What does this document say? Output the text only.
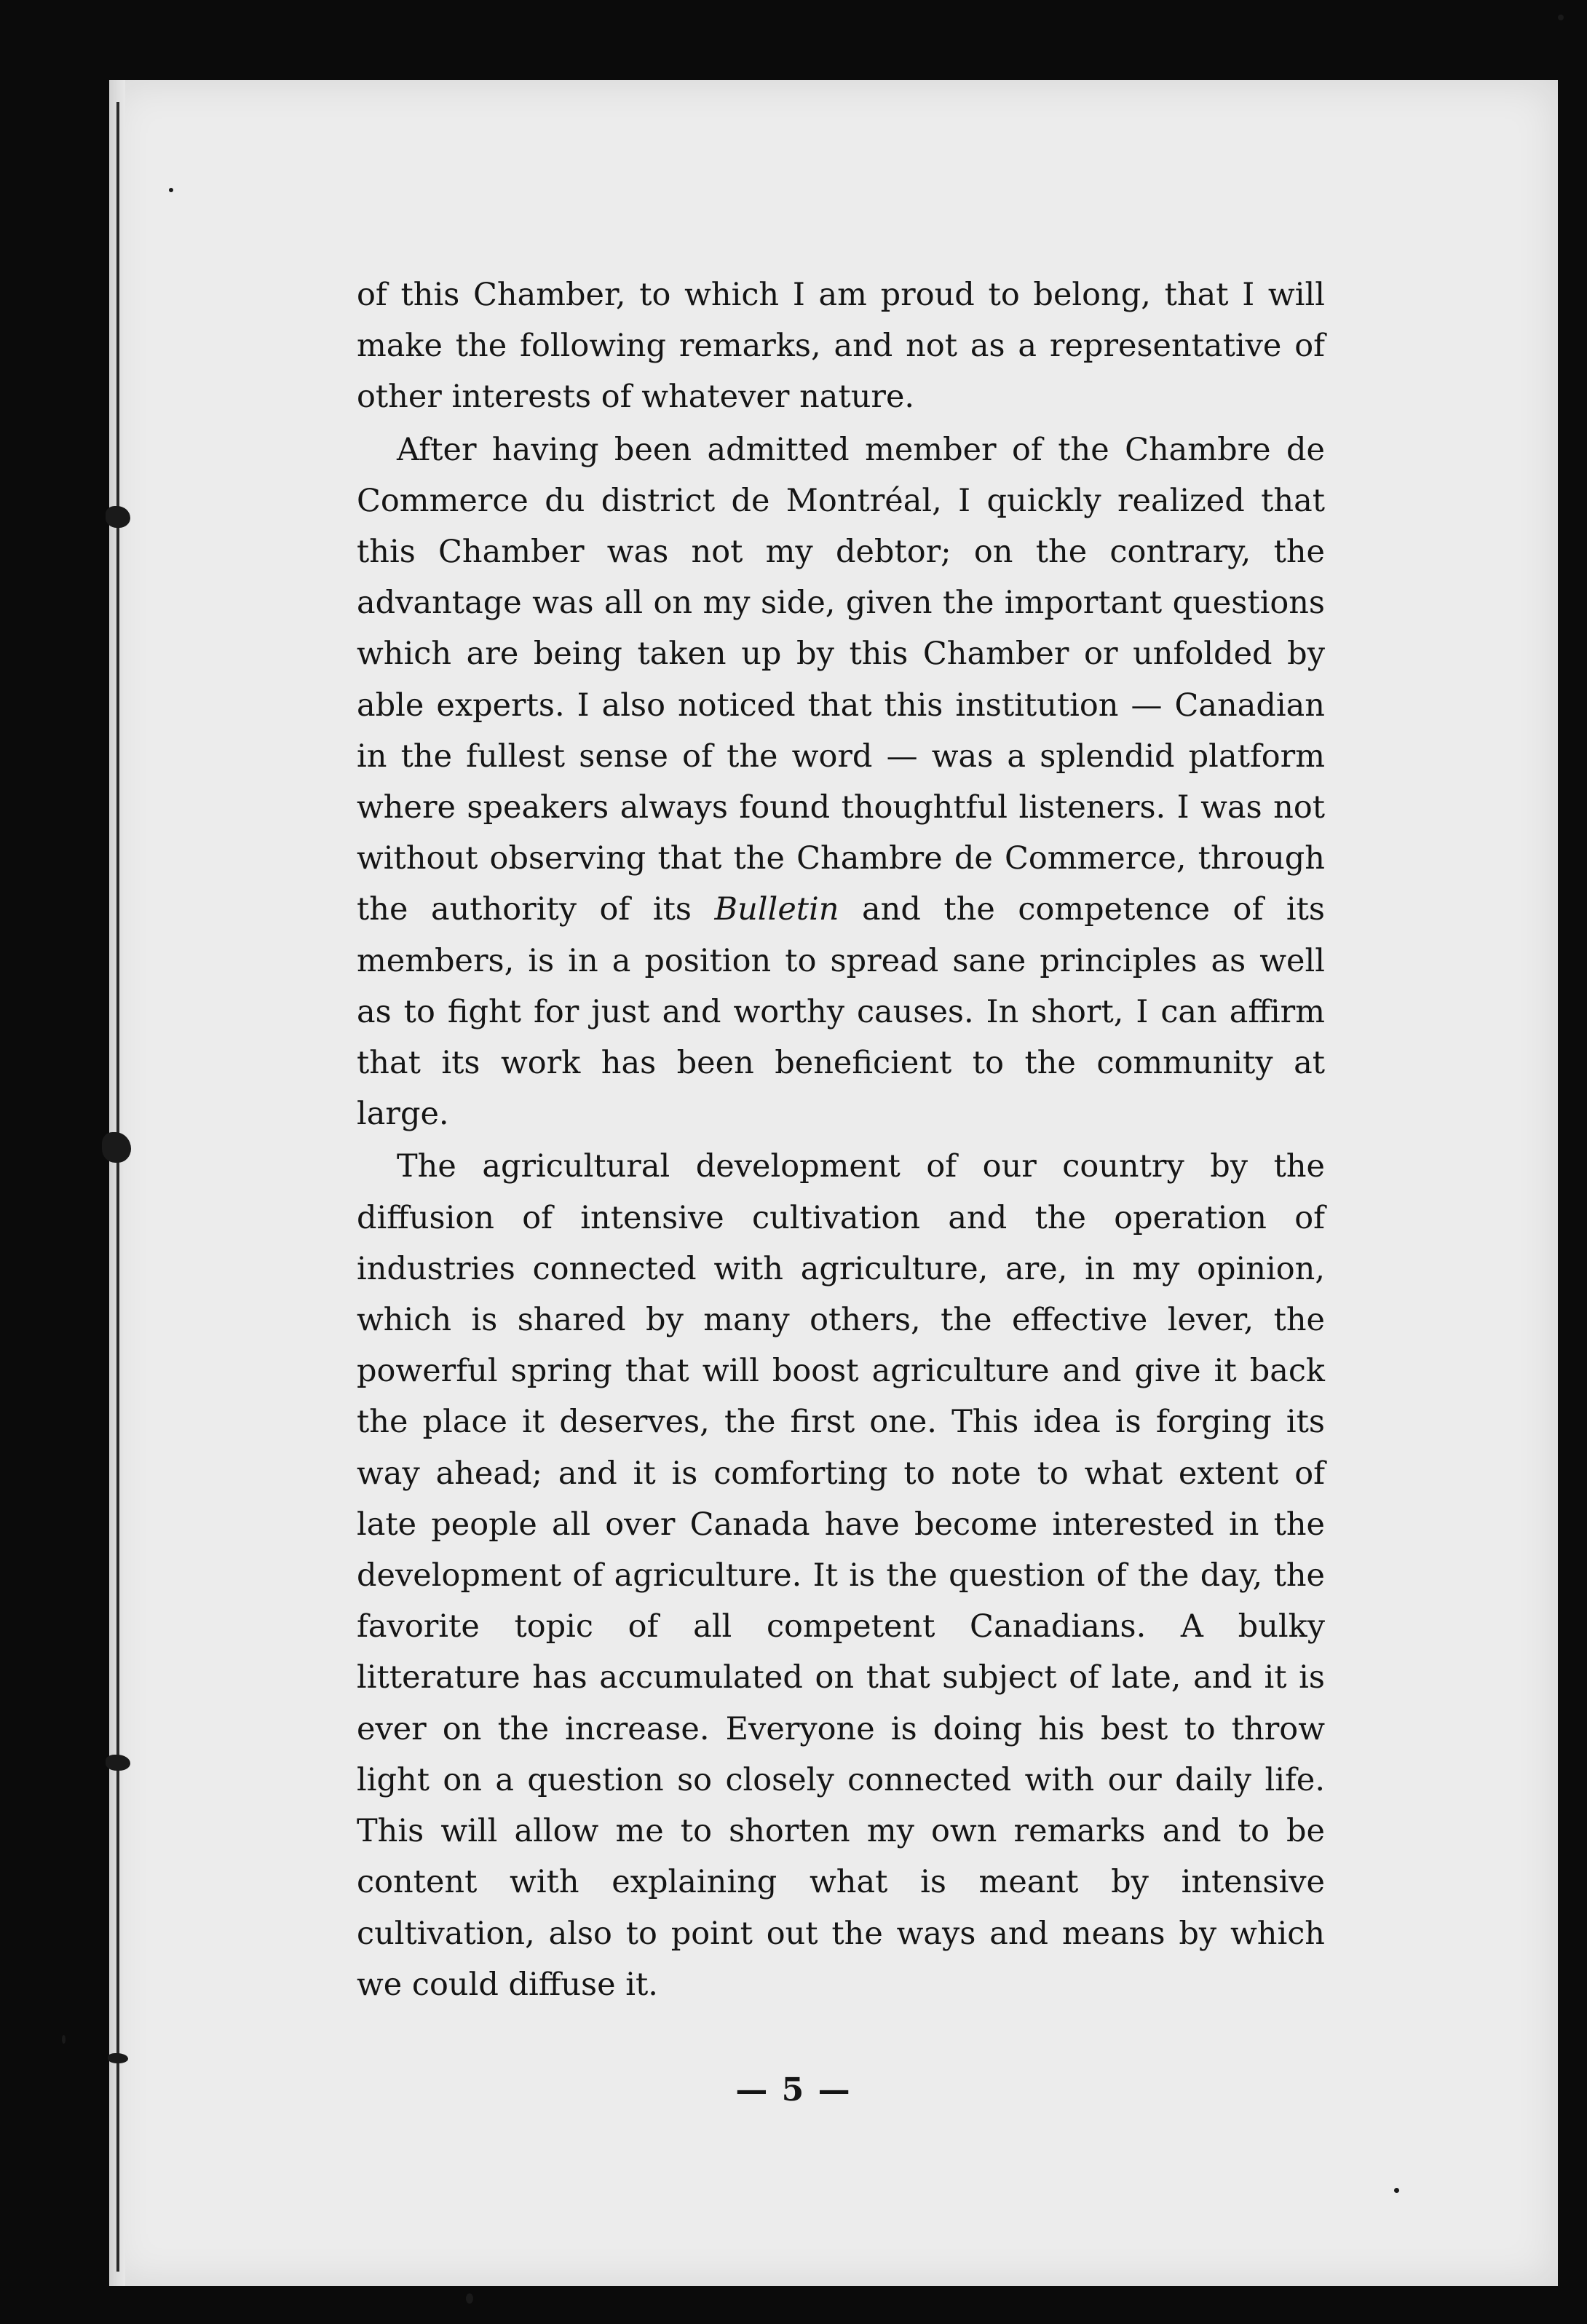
of this Chamber, to which I am proud to belong, that I will make the following remarks, and not as a representative of other interests of whatever nature.

After having been admitted member of the Chambre de Commerce du district de Montréal, I quickly realized that this Chamber was not my debtor; on the contrary, the advantage was all on my side, given the important questions which are being taken up by this Chamber or unfolded by able experts. I also noticed that this institution — Canadian in the fullest sense of the word — was a splendid platform where speakers always found thoughtful listeners. I was not without observing that the Chambre de Commerce, through the authority of its Bulletin and the competence of its members, is in a position to spread sane principles as well as to fight for just and worthy causes. In short, I can affirm that its work has been beneficient to the community at large.

The agricultural development of our country by the diffusion of intensive cultivation and the operation of industries connected with agriculture, are, in my opinion, which is shared by many others, the effective lever, the powerful spring that will boost agriculture and give it back the place it deserves, the first one. This idea is forging its way ahead; and it is comforting to note to what extent of late people all over Canada have become interested in the development of agriculture. It is the question of the day, the favorite topic of all competent Canadians. A bulky litterature has accumulated on that subject of late, and it is ever on the increase. Everyone is doing his best to throw light on a question so closely connected with our daily life. This will allow me to shorten my own remarks and to be content with explaining what is meant by intensive cultivation, also to point out the ways and means by which we could diffuse it.

— 5 —
